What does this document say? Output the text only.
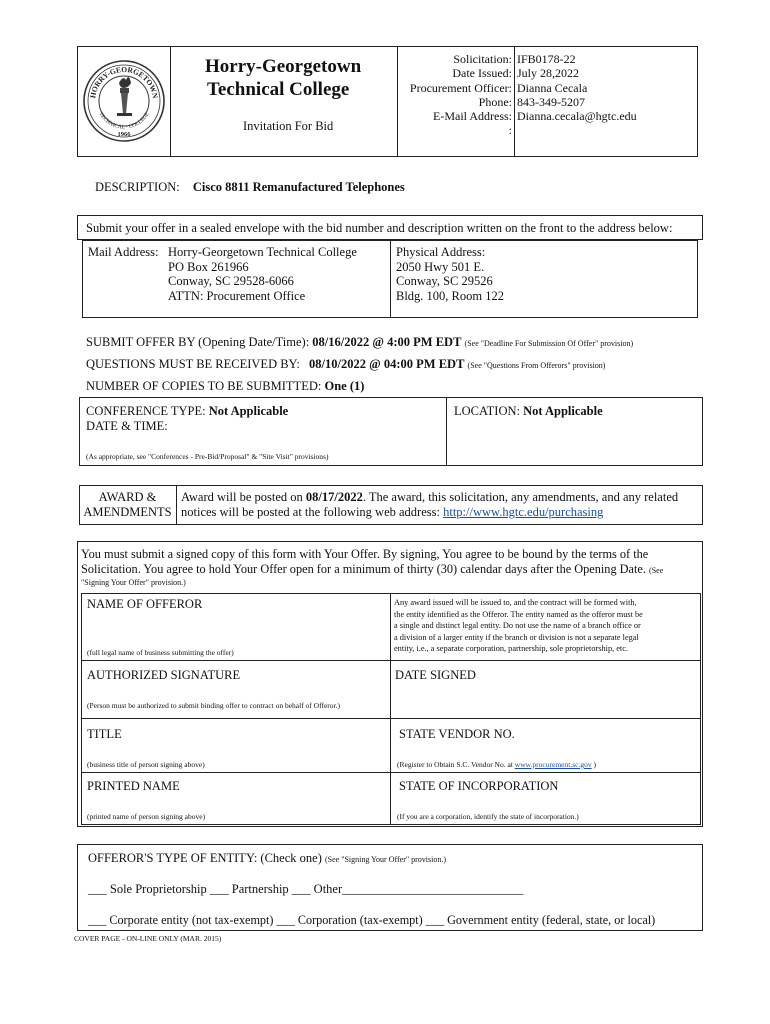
HORRY-GEORGETOWN
TECHNICAL · COLLEGE
1966
Horry-Georgetown
Technical College
Invitation For Bid
Solicitation:
Date Issued:
Procurement Officer:
Phone:
E-Mail Address:
:
IFB0178-22
July 28,2022
Dianna Cecala
843-349-5207
Dianna.cecala@hgtc.edu
DESCRIPTION: Cisco 8811 Remanufactured Telephones
Submit your offer in a sealed envelope with the bid number and description written on the front to the address below:
Mail Address: Horry-Georgetown Technical College
PO Box 261966
Conway, SC 29528-6066
ATTN: Procurement Office
Physical Address:
2050 Hwy 501 E.
Conway, SC 29526
Bldg. 100, Room 122
SUBMIT OFFER BY (Opening Date/Time): 08/16/2022 @ 4:00 PM EDT (See "Deadline For Submission Of Offer" provision)
QUESTIONS MUST BE RECEIVED BY: 08/10/2022 @ 04:00 PM EDT (See "Questions From Offerors" provision)
NUMBER OF COPIES TO BE SUBMITTED: One (1)
CONFERENCE TYPE: Not Applicable
DATE & TIME:
(As appropriate, see "Conferences - Pre-Bid/Proposal" & "Site Visit" provisions)
LOCATION: Not Applicable
AWARD &
AMENDMENTS
Award will be posted on 08/17/2022. The award, this solicitation, any amendments, and any related
notices will be posted at the following web address: http://www.hgtc.edu/purchasing
You must submit a signed copy of this form with Your Offer. By signing, You agree to be bound by the terms of the
Solicitation. You agree to hold Your Offer open for a minimum of thirty (30) calendar days after the Opening Date. (See
"Signing Your Offer" provision.)
NAME OF OFFEROR
(full legal name of business submitting the offer)
Any award issued will be issued to, and the contract will be formed with,
the entity identified as the Offeror. The entity named as the offeror must be
a single and distinct legal entity. Do not use the name of a branch office or
a division of a larger entity if the branch or division is not a separate legal
entity, i.e., a separate corporation, partnership, sole proprietorship, etc.
AUTHORIZED SIGNATURE
(Person must be authorized to submit binding offer to contract on behalf of Offeror.)
DATE SIGNED
TITLE
(business title of person signing above)
STATE VENDOR NO.
(Register to Obtain S.C. Vendor No. at www.procurement.sc.gov )
PRINTED NAME
(printed name of person signing above)
STATE OF INCORPORATION
(If you are a corporation, identify the state of incorporation.)
OFFEROR'S TYPE OF ENTITY: (Check one) (See "Signing Your Offer" provision.)
___ Sole Proprietorship ___ Partnership ___ Other_____________________________
___ Corporate entity (not tax-exempt) ___ Corporation (tax-exempt) ___ Government entity (federal, state, or local)
COVER PAGE - ON-LINE ONLY (MAR. 2015)
